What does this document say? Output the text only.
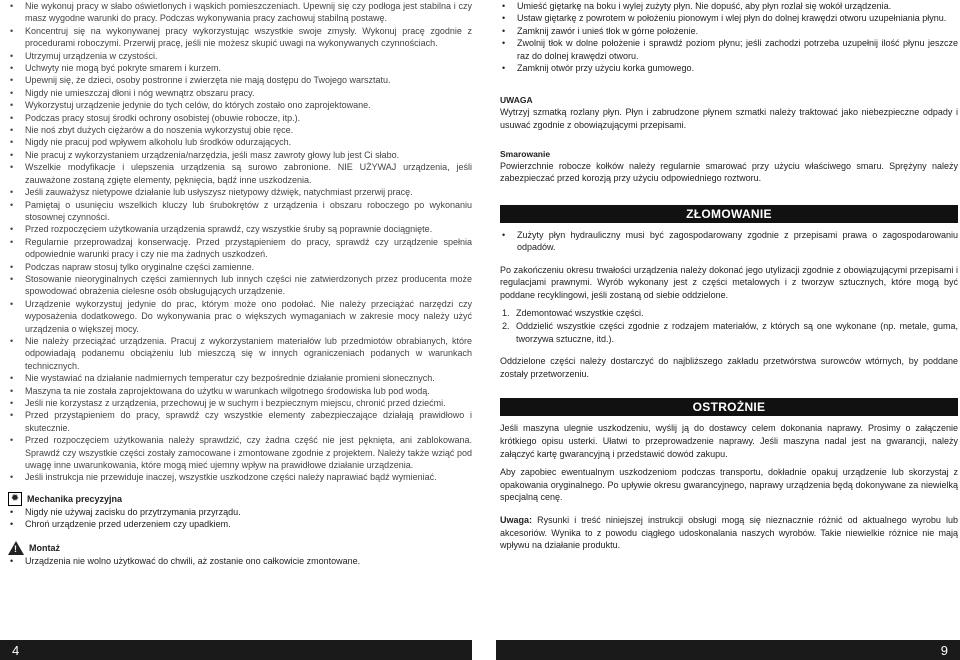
• Nie wykonuj pracy w słabo oświetlonych i wąskich pomieszczeniach. Upewnij się czy podłoga jest stabilna i czy masz wygodne warunki do pracy. Podczas wykonywania pracy zachowuj stabilną postawę.
• Koncentruj się na wykonywanej pracy wykorzystując wszystkie swoje zmysły. Wykonuj pracę zgodnie z procedurami roboczymi. Przerwij pracę, jeśli nie możesz skupić uwagi na wykonywanych czynnościach.
• Utrzymuj urządzenia w czystości.
• Uchwyty nie mogą być pokryte smarem i kurzem.
• Upewnij się, że dzieci, osoby postronne i zwierzęta nie mają dostępu do Twojego warsztatu.
• Nigdy nie umieszczaj dłoni i nóg wewnątrz obszaru pracy.
• Wykorzystuj urządzenie jedynie do tych celów, do których zostało ono zaprojektowane.
• Podczas pracy stosuj środki ochrony osobistej (obuwie robocze, itp.).
• Nie noś zbyt dużych ciężarów a do noszenia wykorzystuj obie ręce.
• Nigdy nie pracuj pod wpływem alkoholu lub środków odurzających.
• Nie pracuj z wykorzystaniem urządzenia/narzędzia, jeśli masz zawroty głowy lub jest Ci słabo.
• Wszelkie modyfikacje i ulepszenia urządzenia są surowo zabronione. NIE UŻYWAJ urządzenia, jeśli zauważone zostaną zgięte elementy, pęknięcia, bądź inne uszkodzenia.
• Jeśli zauważysz nietypowe działanie lub usłyszysz nietypowy dźwięk, natychmiast przerwij pracę.
• Pamiętaj o usunięciu wszelkich kluczy lub śrubokrętów z urządzenia i obszaru roboczego po wykonaniu stosownej czynności.
• Przed rozpoczęciem użytkowania urządzenia sprawdź, czy wszystkie śruby są poprawnie dociągnięte.
• Regularnie przeprowadzaj konserwację. Przed przystąpieniem do pracy, sprawdź czy urządzenie spełnia odpowiednie warunki pracy i czy nie ma żadnych uszkodzeń.
• Podczas napraw stosuj tylko oryginalne części zamienne.
• Stosowanie nieoryginalnych części zamiennych lub innych części nie zatwierdzonych przez producenta może spowodować obrażenia cielesne osób obsługujących urządzenie.
• Urządzenie wykorzystuj jedynie do prac, którym może ono podołać. Nie należy przeciążać narzędzi czy wyposażenia dodatkowego. Do wykonywania prac o większych wymaganiach w zakresie mocy należy użyć urządzenia o większej mocy.
• Nie należy przeciążać urządzenia. Pracuj z wykorzystaniem materiałów lub przedmiotów obrabianych, które odpowiadają podanemu obciążeniu lub mieszczą się w innych ograniczeniach podanych w warunkach technicznych.
• Nie wystawiać na działanie nadmiernych temperatur czy bezpośrednie działanie promieni słonecznych.
• Maszyna ta nie została zaprojektowana do użytku w warunkach wilgotnego środowiska lub pod wodą.
• Jeśli nie korzystasz z urządzenia, przechowuj je w suchym i bezpiecznym miejscu, chronić przed dziećmi.
• Przed przystąpieniem do pracy, sprawdź czy wszystkie elementy zabezpieczające działają prawidłowo i skutecznie.
• Przed rozpoczęciem użytkowania należy sprawdzić, czy żadna część nie jest pęknięta, ani zablokowana. Sprawdź czy wszystkie części zostały zamocowane i zmontowane zgodnie z projektem. Należy także wziąć pod uwagę inne uwarunkowania, które mogą mieć ujemny wpływ na prawidłowe działanie urządzenia.
• Jeśli instrukcja nie przewiduje inaczej, wszystkie uszkodzone części należy naprawiać bądź wymieniać.
✹ Mechanika precyzyjna
• Nigdy nie używaj zacisku do przytrzymania przyrządu.
• Chroń urządzenie przed uderzeniem czy upadkiem.
! Montaż
• Urządzenia nie wolno użytkować do chwili, aż zostanie ono całkowicie zmontowane.
• Umieść giętarkę na boku i wylej zużyty płyn. Nie dopuść, aby płyn rozlał się wokół urządzenia.
• Ustaw giętarkę z powrotem w położeniu pionowym i wlej płyn do dolnej krawędzi otworu uzupełniania płynu.
• Zamknij zawór i unieś tłok w górne położenie.
• Zwolnij tłok w dolne położenie i sprawdź poziom płynu; jeśli zachodzi potrzeba uzupełnij ilość płynu jeszcze raz do dolnej krawędzi otworu.
• Zamknij otwór przy użyciu korka gumowego.
UWAGA
Wytrzyj szmatką rozlany płyn. Płyn i zabrudzone płynem szmatki należy traktować jako niebezpieczne odpady i usuwać zgodnie z obowiązującymi przepisami.
Smarowanie
Powierzchnie robocze kołków należy regularnie smarować przy użyciu właściwego smaru. Sprężyny należy zabezpieczać przed korozją przy użyciu odpowiedniego roztworu.
ZŁOMOWANIE
• Zużyty płyn hydrauliczny musi być zagospodarowany zgodnie z przepisami prawa o zagospodarowaniu odpadów.
Po zakończeniu okresu trwałości urządzenia należy dokonać jego utylizacji zgodnie z obowiązującymi przepisami i regulacjami prawnymi. Wyrób wykonany jest z części metalowych i z tworzyw sztucznych, które mogą być poddane recyklingowi, jeśli zostaną od siebie oddzielone.
1. Zdemontować wszystkie części.
2. Oddzielić wszystkie części zgodnie z rodzajem materiałów, z których są one wykonane (np. metale, guma, tworzywa sztuczne, itd.).
Oddzielone części należy dostarczyć do najbliższego zakładu przetwórstwa surowców wtórnych, by poddane zostały przetworzeniu.
OSTROŻNIE
Jeśli maszyna ulegnie uszkodzeniu, wyślij ją do dostawcy celem dokonania naprawy. Prosimy o załączenie krótkiego opisu usterki. Ułatwi to przeprowadzenie naprawy. Jeśli maszyna nadal jest na gwarancji, należy załączyć kartę gwarancyjną i przedstawić dowód zakupu.
Aby zapobiec ewentualnym uszkodzeniom podczas transportu, dokładnie opakuj urządzenie lub skorzystaj z opakowania oryginalnego. Po upływie okresu gwarancyjnego, naprawy urządzenia będą dokonywane za niewielką specjalną cenę.
Uwaga: Rysunki i treść niniejszej instrukcji obsługi mogą się nieznacznie różnić od aktualnego wyrobu lub akcesoriów. Wynika to z powodu ciągłego udoskonalania naszych wyrobów. Takie niewielkie różnice nie mają wpływu na działanie produktu.
4	9
